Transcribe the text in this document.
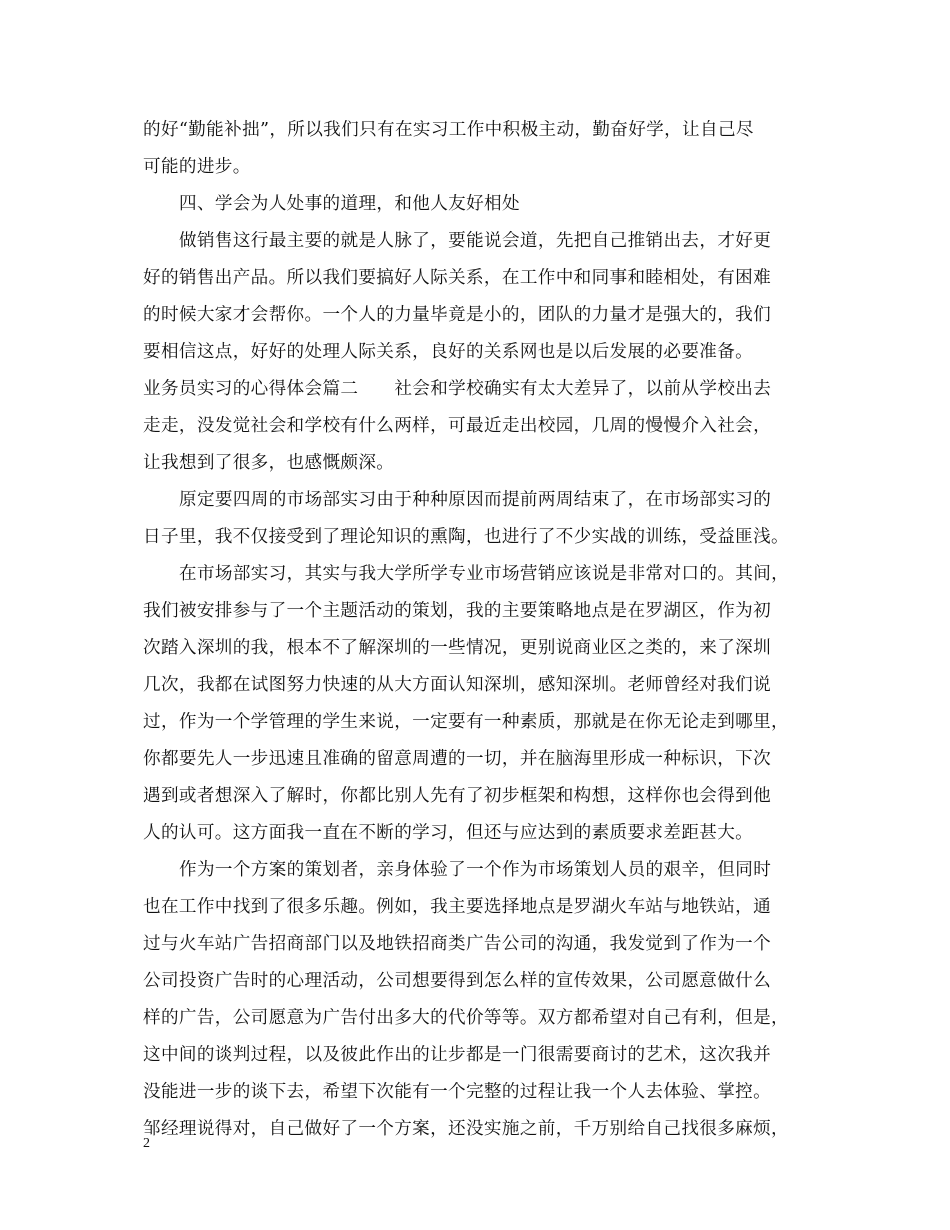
的好“勤能补拙”，所以我们只有在实习工作中积极主动，勤奋好学，让自己尽
可能的进步。
四、学会为人处事的道理，和他人友好相处
做销售这行最主要的就是人脉了，要能说会道，先把自己推销出去，才好更
好的销售出产品。所以我们要搞好人际关系，在工作中和同事和睦相处，有困难
的时候大家才会帮你。一个人的力量毕竟是小的，团队的力量才是强大的，我们
要相信这点，好好的处理人际关系，良好的关系网也是以后发展的必要准备。
业务员实习的心得体会篇二 社会和学校确实有太大差异了，以前从学校出去
走走，没发觉社会和学校有什么两样，可最近走出校园，几周的慢慢介入社会，
让我想到了很多，也感慨颇深。
原定要四周的市场部实习由于种种原因而提前两周结束了，在市场部实习的
日子里，我不仅接受到了理论知识的熏陶，也进行了不少实战的训练，受益匪浅。
在市场部实习，其实与我大学所学专业市场营销应该说是非常对口的。其间，
我们被安排参与了一个主题活动的策划，我的主要策略地点是在罗湖区，作为初
次踏入深圳的我，根本不了解深圳的一些情况，更别说商业区之类的，来了深圳
几次，我都在试图努力快速的从大方面认知深圳，感知深圳。老师曾经对我们说
过，作为一个学管理的学生来说，一定要有一种素质，那就是在你无论走到哪里，
你都要先人一步迅速且准确的留意周遭的一切，并在脑海里形成一种标识，下次
遇到或者想深入了解时，你都比别人先有了初步框架和构想，这样你也会得到他
人的认可。这方面我一直在不断的学习，但还与应达到的素质要求差距甚大。
作为一个方案的策划者，亲身体验了一个作为市场策划人员的艰辛，但同时
也在工作中找到了很多乐趣。例如，我主要选择地点是罗湖火车站与地铁站，通
过与火车站广告招商部门以及地铁招商类广告公司的沟通，我发觉到了作为一个
公司投资广告时的心理活动，公司想要得到怎么样的宣传效果，公司愿意做什么
样的广告，公司愿意为广告付出多大的代价等等。双方都希望对自己有利，但是，
这中间的谈判过程，以及彼此作出的让步都是一门很需要商讨的艺术，这次我并
没能进一步的谈下去，希望下次能有一个完整的过程让我一个人去体验、掌控。
邹经理说得对，自己做好了一个方案，还没实施之前，千万别给自己找很多麻烦，
2
